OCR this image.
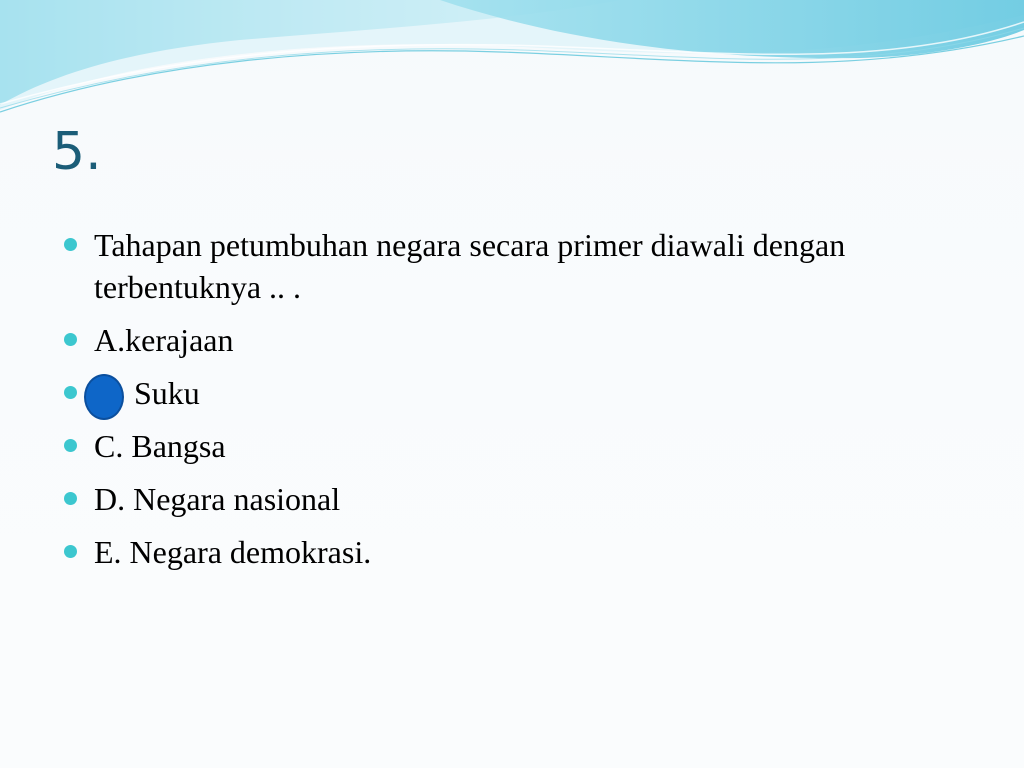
5.
Tahapan petumbuhan negara secara primer diawali dengan terbentuknya .. .
A.kerajaan
Suku
C. Bangsa
D. Negara nasional
E. Negara demokrasi.
